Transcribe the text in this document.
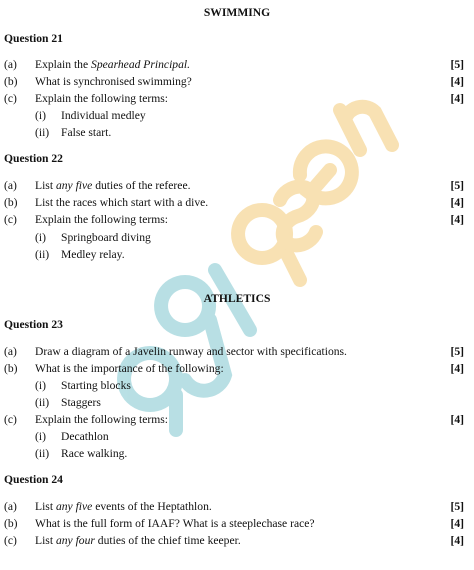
SWIMMING
Question 21
(a) Explain the Spearhead Principal.	[5]
(b) What is synchronised swimming?	[4]
(c) Explain the following terms:	[4]
(i) Individual medley
(ii) False start.
Question 22
(a) List any five duties of the referee.	[5]
(b) List the races which start with a dive.	[4]
(c) Explain the following terms:	[4]
(i) Springboard diving
(ii) Medley relay.
ATHLETICS
Question 23
(a) Draw a diagram of a Javelin runway and sector with specifications.	[5]
(b) What is the importance of the following:	[4]
(i) Starting blocks
(ii) Staggers
(c) Explain the following terms:	[4]
(i) Decathlon
(ii) Race walking.
Question 24
(a) List any five events of the Heptathlon.	[5]
(b) What is the full form of IAAF? What is a steeplechase race?	[4]
(c) List any four duties of the chief time keeper.	[4]
